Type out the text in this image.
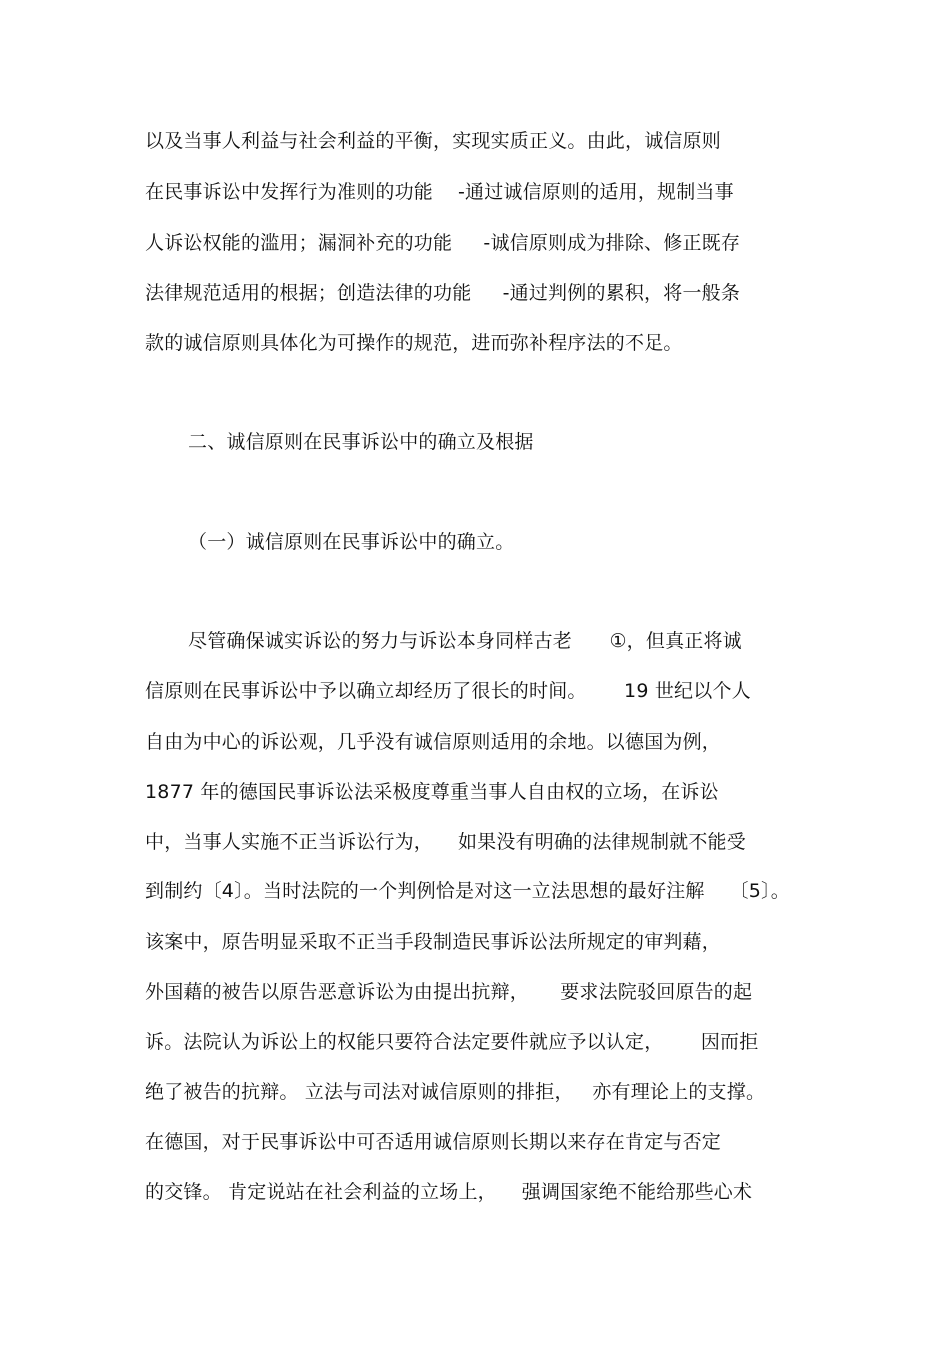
以及当事人利益与社会利益的平衡，实现实质正义。由此，诚信原则
在民事诉讼中发挥行为准则的功能    -通过诚信原则的适用，规制当事
人诉讼权能的滥用；漏洞补充的功能     -诚信原则成为排除、修正既存
法律规范适用的根据；创造法律的功能     -通过判例的累积，将一般条
款的诚信原则具体化为可操作的规范，进而弥补程序法的不足。
二、诚信原则在民事诉讼中的确立及根据
（一）诚信原则在民事诉讼中的确立。
尽管确保诚实诉讼的努力与诉讼本身同样古老      ①，但真正将诚
信原则在民事诉讼中予以确立却经历了很长的时间。      19 世纪以个人
自由为中心的诉讼观，几乎没有诚信原则适用的余地。以德国为例，
1877 年的德国民事诉讼法采极度尊重当事人自由权的立场，在诉讼
中，当事人实施不正当诉讼行为，    如果没有明确的法律规制就不能受
到制约〔4〕。当时法院的一个判例恰是对这一立法思想的最好注解    〔5〕。
该案中，原告明显采取不正当手段制造民事诉讼法所规定的审判藉，
外国藉的被告以原告恶意诉讼为由提出抗辩，     要求法院驳回原告的起
诉。法院认为诉讼上的权能只要符合法定要件就应予以认定，      因而拒
绝了被告的抗辩。 立法与司法对诚信原则的排拒，   亦有理论上的支撑。
在德国，对于民事诉讼中可否适用诚信原则长期以来存在肯定与否定
的交锋。 肯定说站在社会利益的立场上，    强调国家绝不能给那些心术
